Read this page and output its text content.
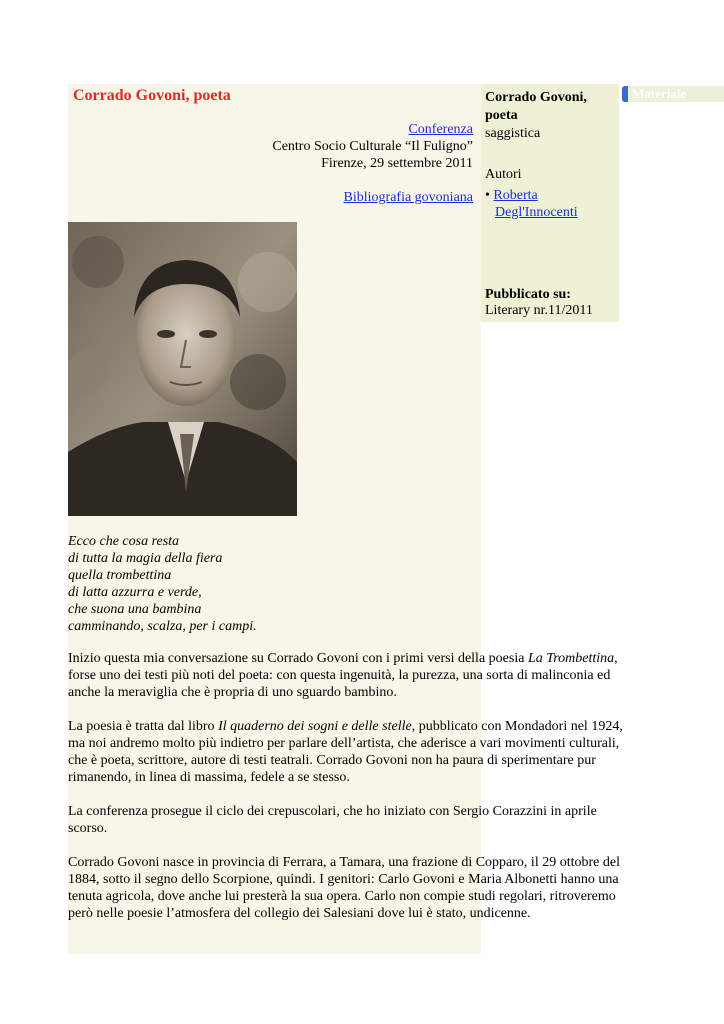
Materiale
Corrado Govoni, poeta
Conferenza
Centro Socio Culturale “Il Fuligno”
Firenze, 29 settembre 2011
Bibliografia govoniana
Ecco che cosa resta
di tutta la magia della fiera
quella trombettina
di latta azzurra e verde,
che suona una bambina
camminando, scalza, per i campi.

Inizio questa mia conversazione su Corrado Govoni con i primi versi della poesia La Trombettina, forse uno dei testi più noti del poeta: con questa ingenuità, la purezza, una sorta di malinconia ed anche la meraviglia che è propria di uno sguardo bambino.

La poesia è tratta dal libro Il quaderno dei sogni e delle stelle, pubblicato con Mondadori nel 1924, ma noi andremo molto più indietro per parlare dell’artista, che aderisce a vari movimenti culturali, che è poeta, scrittore, autore di testi teatrali. Corrado Govoni non ha paura di sperimentare pur rimanendo, in linea di massima, fedele a se stesso.

La conferenza prosegue il ciclo dei crepuscolari, che ho iniziato con Sergio Corazzini in aprile scorso.

Corrado Govoni nasce in provincia di Ferrara, a Tamara, una frazione di Copparo, il 29 ottobre del 1884, sotto il segno dello Scorpione, quindi. I genitori: Carlo Govoni e Maria Albonetti hanno una tenuta agricola, dove anche lui presterà la sua opera. Carlo non compie studi regolari, ritroveremo però nelle poesie l’atmosfera del collegio dei Salesiani dove lui è stato, undicenne.

Corrado Govoni, poeta
saggistica
Autori
• Roberta
Degl'Innocenti
Pubblicato su:
Literary nr.11/2011
